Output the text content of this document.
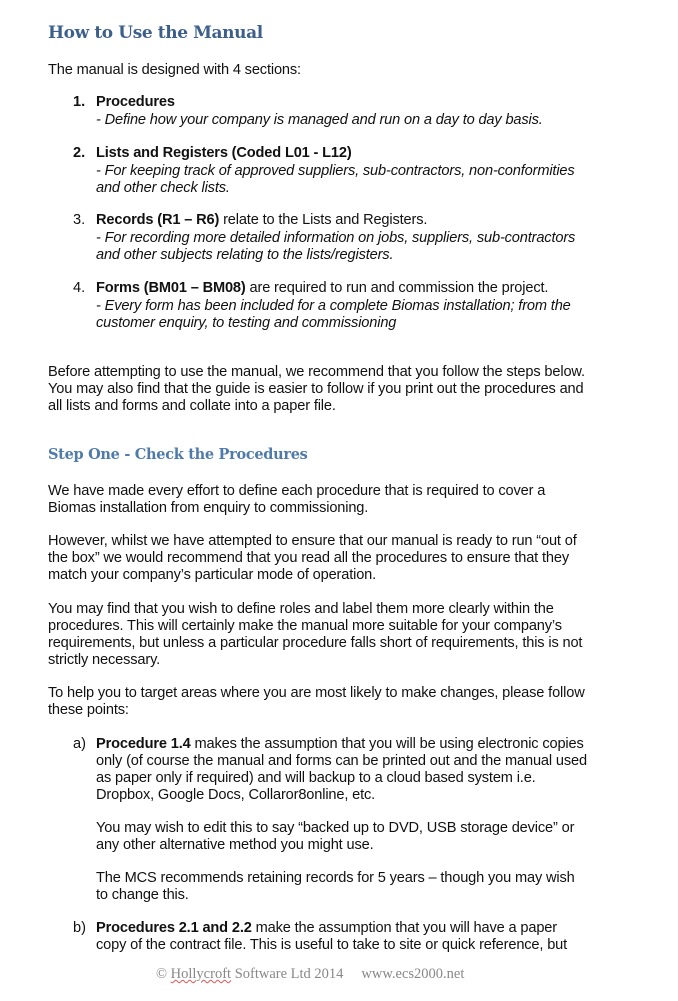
How to Use the Manual
The manual is designed with 4 sections:
1. Procedures
- Define how your company is managed and run on a day to day basis.
2. Lists and Registers (Coded L01 - L12)
- For keeping track of approved suppliers, sub-contractors, non-conformities
and other check lists.
3. Records (R1 – R6) relate to the Lists and Registers.
- For recording more detailed information on jobs, suppliers, sub-contractors
and other subjects relating to the lists/registers.
4. Forms (BM01 – BM08) are required to run and commission the project.
- Every form has been included for a complete Biomas installation; from the
customer enquiry, to testing and commissioning
Before attempting to use the manual, we recommend that you follow the steps below.
You may also find that the guide is easier to follow if you print out the procedures and
all lists and forms and collate into a paper file.
Step One - Check the Procedures
We have made every effort to define each procedure that is required to cover a
Biomas installation from enquiry to commissioning.
However, whilst we have attempted to ensure that our manual is ready to run “out of
the box” we would recommend that you read all the procedures to ensure that they
match your company’s particular mode of operation.
You may find that you wish to define roles and label them more clearly within the
procedures. This will certainly make the manual more suitable for your company’s
requirements, but unless a particular procedure falls short of requirements, this is not
strictly necessary.
To help you to target areas where you are most likely to make changes, please follow
these points:
a) Procedure 1.4 makes the assumption that you will be using electronic copies
only (of course the manual and forms can be printed out and the manual used
as paper only if required) and will backup to a cloud based system i.e.
Dropbox, Google Docs, Collaror8online, etc.
You may wish to edit this to say “backed up to DVD, USB storage device” or
any other alternative method you might use.
The MCS recommends retaining records for 5 years – though you may wish
to change this.
b) Procedures 2.1 and 2.2 make the assumption that you will have a paper
copy of the contract file. This is useful to take to site or quick reference, but
© Hollycroft Software Ltd 2014 www.ecs2000.net
